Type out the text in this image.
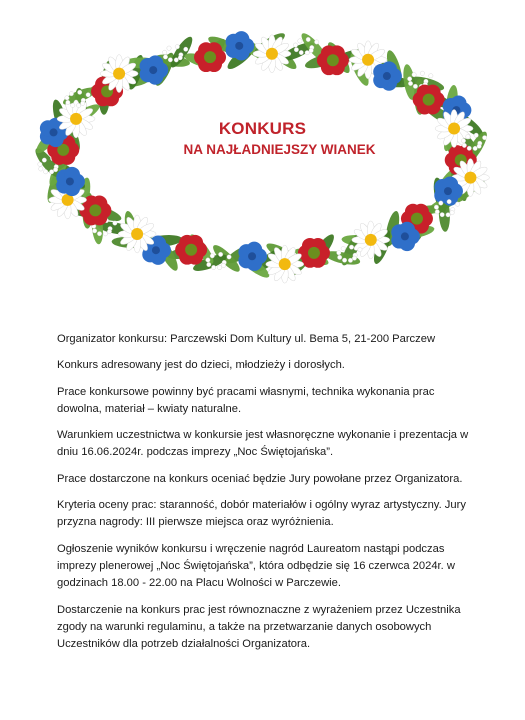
KONKURS
NA NAJŁADNIEJSZY WIANEK

Organizator konkursu: Parczewski Dom Kultury ul. Bema 5, 21-200 Parczew

Konkurs adresowany jest do dzieci, młodzieży i dorosłych.

Prace konkursowe powinny być pracami własnymi, technika wykonania prac dowolna, materiał – kwiaty naturalne.

Warunkiem uczestnictwa w konkursie jest własnoręczne wykonanie i prezentacja w dniu 16.06.2024r. podczas imprezy „Noc Świętojańska”.

Prace dostarczone na konkurs oceniać będzie Jury powołane przez Organizatora.

Kryteria oceny prac: staranność, dobór materiałów i ogólny wyraz artystyczny. Jury przyzna nagrody: III pierwsze miejsca oraz wyróżnienia.

Ogłoszenie wyników konkursu i wręczenie nagród Laureatom nastąpi podczas imprezy plenerowej „Noc Świętojańska”, która odbędzie się 16 czerwca 2024r. w godzinach 18.00 - 22.00 na Placu Wolności w Parczewie.

Dostarczenie na konkurs prac jest równoznaczne z wyrażeniem przez Uczestnika zgody na warunki regulaminu, a także na przetwarzanie danych osobowych Uczestników dla potrzeb działalności Organizatora.
